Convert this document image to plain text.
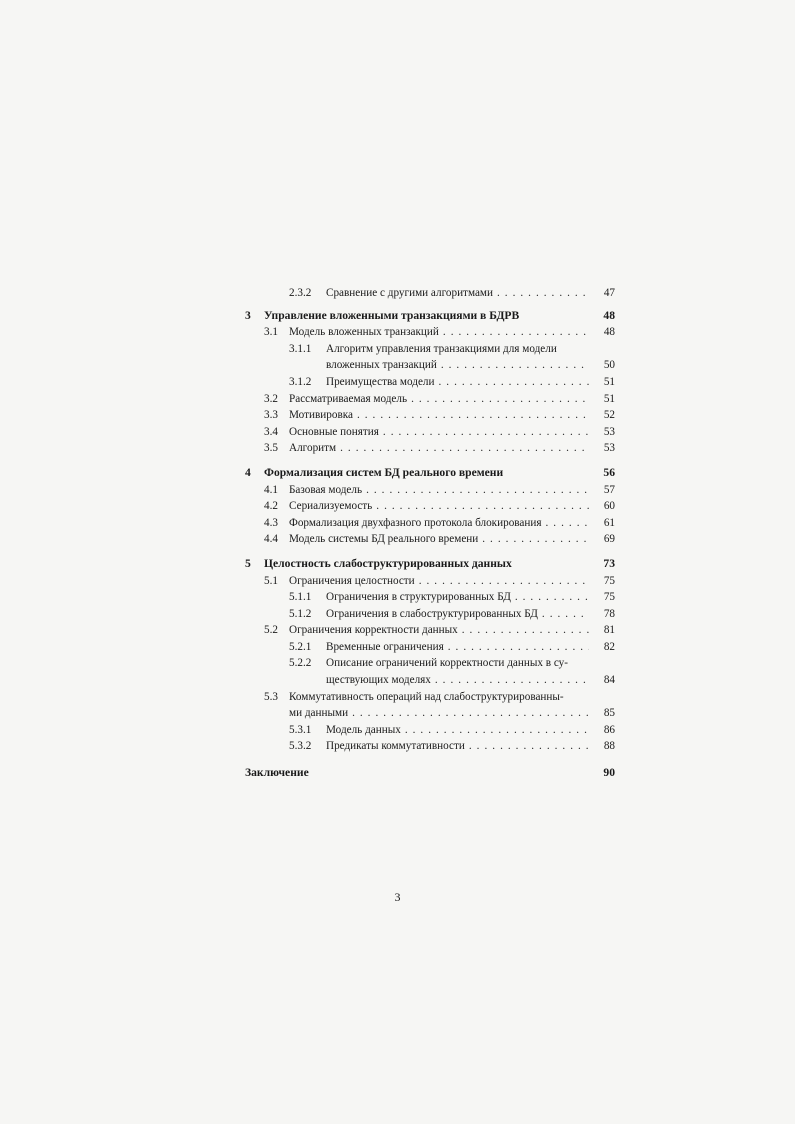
2.3.2 Сравнение с другими алгоритмами . . .	47
3 Управление вложенными транзакциями в БДРВ	48
3.1 Модель вложенных транзакций . . .	48
3.1.1 Алгоритм управления транзакциями для модели
вложенных транзакций . . .	50
3.1.2 Преимущества модели . . .	51
3.2 Рассматриваемая модель . . .	51
3.3 Мотивировка . . .	52
3.4 Основные понятия . . .	53
3.5 Алгоритм . . .	53
4 Формализация систем БД реального времени	56
4.1 Базовая модель . . .	57
4.2 Сериализуемость . . .	60
4.3 Формализация двухфазного протокола блокирования . . .	61
4.4 Модель системы БД реального времени . . .	69
5 Целостность слабоструктурированных данных	73
5.1 Ограничения целостности . . .	75
5.1.1 Ограничения в структурированных БД . . .	75
5.1.2 Ограничения в слабоструктурированных БД . . .	78
5.2 Ограничения корректности данных . . .	81
5.2.1 Временные ограничения . . .	82
5.2.2 Описание ограничений корректности данных в су-
ществующих моделях . . .	84
5.3 Коммутативность операций над слабоструктурированны-
ми данными . . .	85
5.3.1 Модель данных . . .	86
5.3.2 Предикаты коммутативности . . .	88
Заключение	90
3
